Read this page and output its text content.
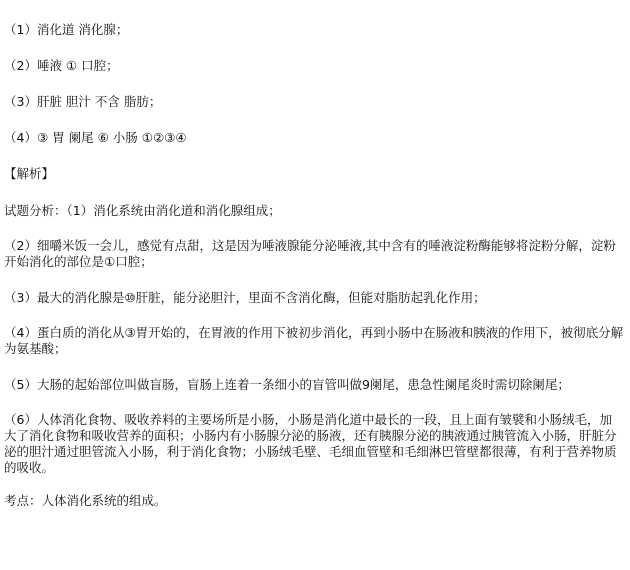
（1）消化道 消化腺；
（2）唾液 ① 口腔；
（3）肝脏 胆汁 不含 脂肪；
（4）③ 胃 阑尾 ⑥ 小肠 ①②③④
【解析】
试题分析：（1）消化系统由消化道和消化腺组成；
（2）细嚼米饭一会儿，感觉有点甜，这是因为唾液腺能分泌唾液,其中含有的唾液淀粉酶能够将淀粉分解，淀粉开始消化的部位是①口腔；
（3）最大的消化腺是⑩肝脏，能分泌胆汁，里面不含消化酶，但能对脂肪起乳化作用；
（4）蛋白质的消化从③胃开始的，在胃液的作用下被初步消化，再到小肠中在肠液和胰液的作用下，被彻底分解为氨基酸；
（5）大肠的起始部位叫做盲肠，盲肠上连着一条细小的盲管叫做9阑尾，患急性阑尾炎时需切除阑尾；
（6）人体消化食物、吸收养料的主要场所是小肠，小肠是消化道中最长的一段，且上面有皱襞和小肠绒毛，加大了消化食物和吸收营养的面积；小肠内有小肠腺分泌的肠液，还有胰腺分泌的胰液通过胰管流入小肠，肝脏分泌的胆汁通过胆管流入小肠，利于消化食物；小肠绒毛壁、毛细血管壁和毛细淋巴管壁都很薄，有利于营养物质的吸收。
考点：人体消化系统的组成。
